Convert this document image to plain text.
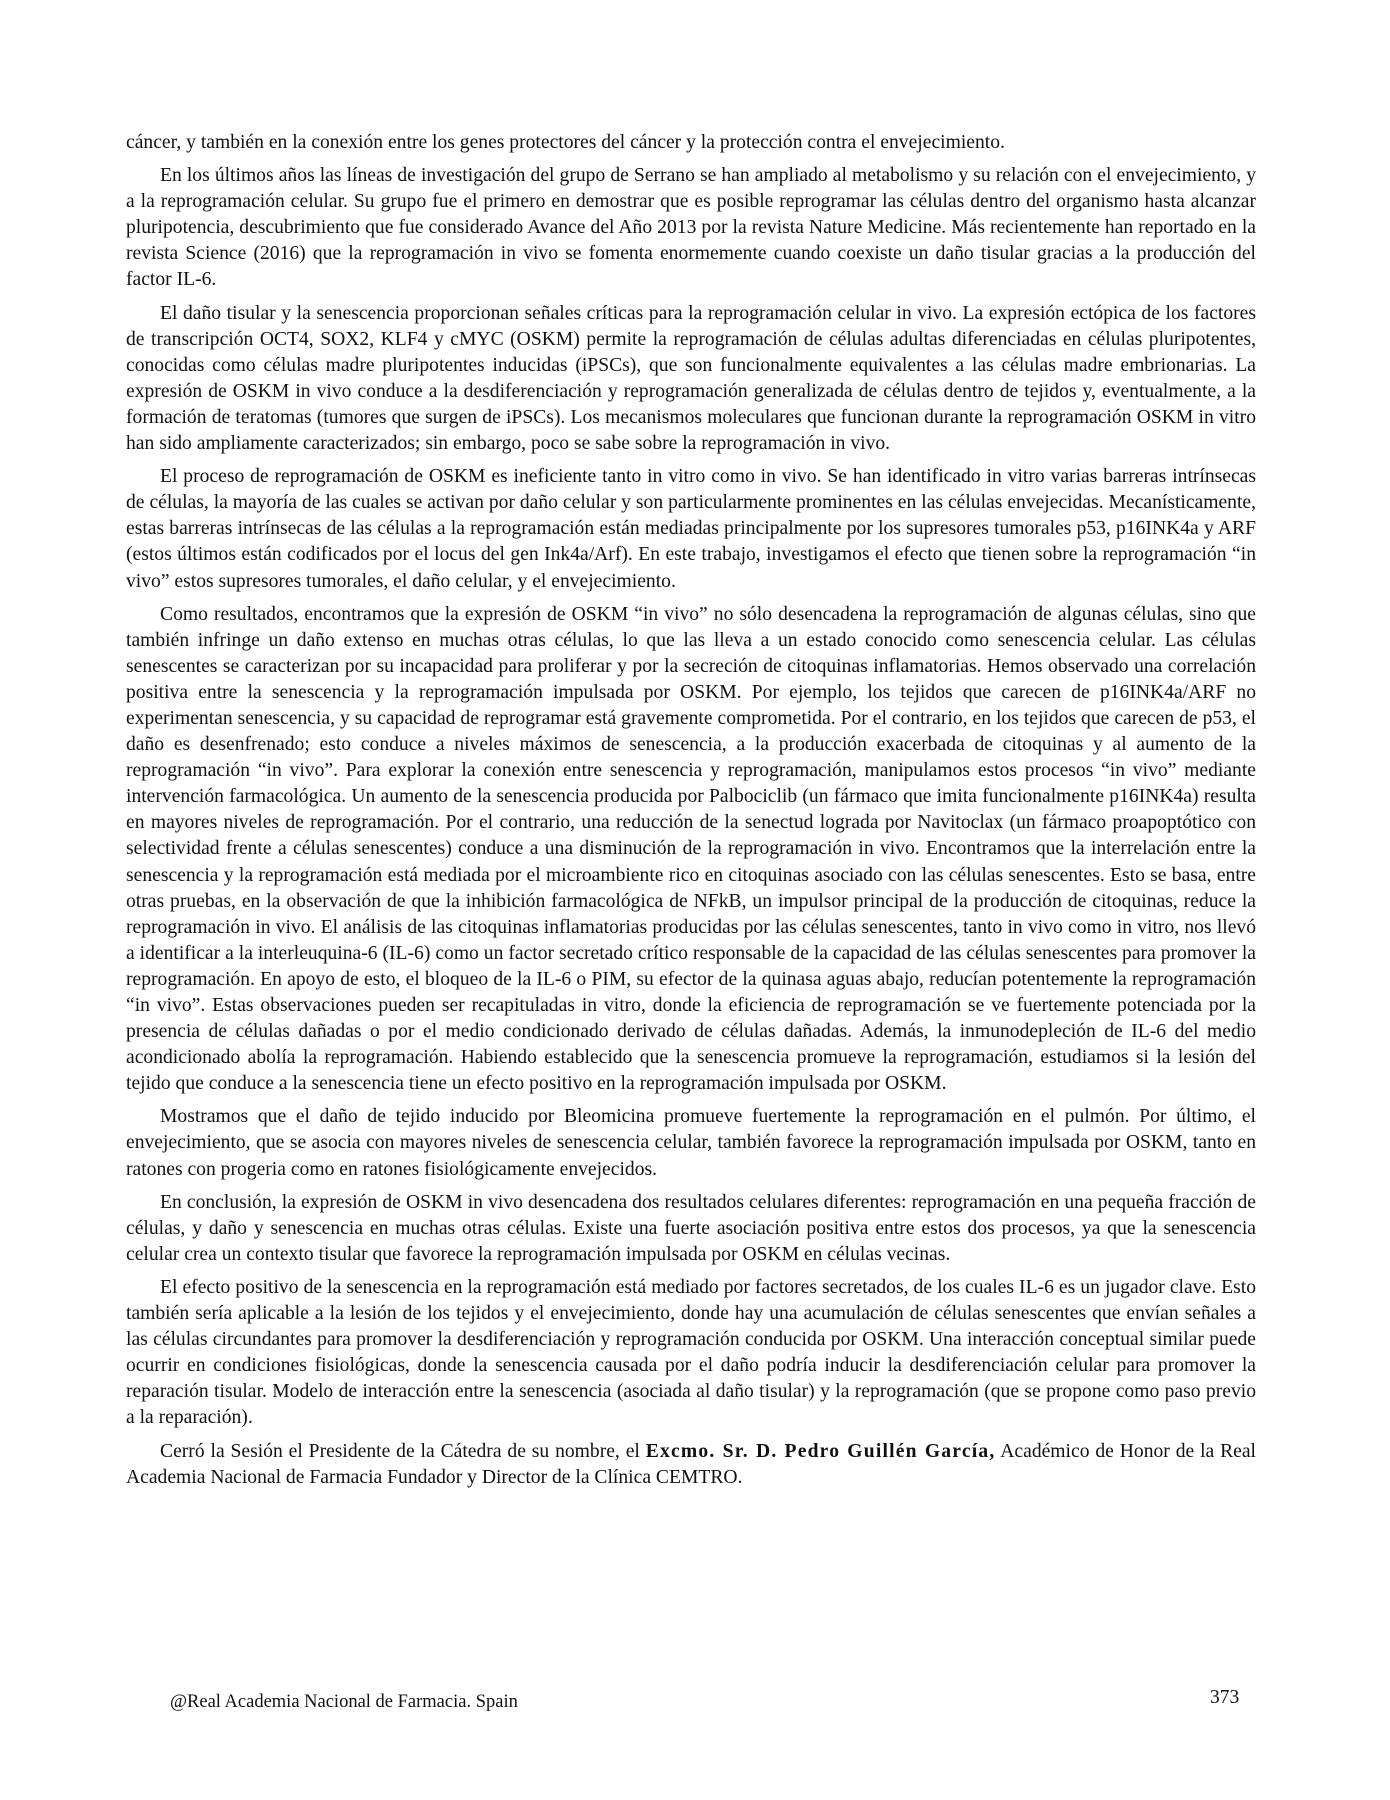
cáncer, y también en la conexión entre los genes protectores del cáncer y la protección contra el envejecimiento.

En los últimos años las líneas de investigación del grupo de Serrano se han ampliado al metabolismo y su relación con el envejecimiento, y a la reprogramación celular. Su grupo fue el primero en demostrar que es posible reprogramar las células dentro del organismo hasta alcanzar pluripotencia, descubrimiento que fue considerado Avance del Año 2013 por la revista Nature Medicine. Más recientemente han reportado en la revista Science (2016) que la reprogramación in vivo se fomenta enormemente cuando coexiste un daño tisular gracias a la producción del factor IL-6.

El daño tisular y la senescencia proporcionan señales críticas para la reprogramación celular in vivo. La expresión ectópica de los factores de transcripción OCT4, SOX2, KLF4 y cMYC (OSKM) permite la reprogramación de células adultas diferenciadas en células pluripotentes, conocidas como células madre pluripotentes inducidas (iPSCs), que son funcionalmente equivalentes a las células madre embrionarias. La expresión de OSKM in vivo conduce a la desdiferenciación y reprogramación generalizada de células dentro de tejidos y, eventualmente, a la formación de teratomas (tumores que surgen de iPSCs). Los mecanismos moleculares que funcionan durante la reprogramación OSKM in vitro han sido ampliamente caracterizados; sin embargo, poco se sabe sobre la reprogramación in vivo.

El proceso de reprogramación de OSKM es ineficiente tanto in vitro como in vivo. Se han identificado in vitro varias barreras intrínsecas de células, la mayoría de las cuales se activan por daño celular y son particularmente prominentes en las células envejecidas. Mecanísticamente, estas barreras intrínsecas de las células a la reprogramación están mediadas principalmente por los supresores tumorales p53, p16INK4a y ARF (estos últimos están codificados por el locus del gen Ink4a/Arf). En este trabajo, investigamos el efecto que tienen sobre la reprogramación “in vivo” estos supresores tumorales, el daño celular, y el envejecimiento.

Como resultados, encontramos que la expresión de OSKM “in vivo” no sólo desencadena la reprogramación de algunas células, sino que también infringe un daño extenso en muchas otras células, lo que las lleva a un estado conocido como senescencia celular. Las células senescentes se caracterizan por su incapacidad para proliferar y por la secreción de citoquinas inflamatorias. Hemos observado una correlación positiva entre la senescencia y la reprogramación impulsada por OSKM. Por ejemplo, los tejidos que carecen de p16INK4a/ARF no experimentan senescencia, y su capacidad de reprogramar está gravemente comprometida. Por el contrario, en los tejidos que carecen de p53, el daño es desenfrenado; esto conduce a niveles máximos de senescencia, a la producción exacerbada de citoquinas y al aumento de la reprogramación “in vivo”. Para explorar la conexión entre senescencia y reprogramación, manipulamos estos procesos “in vivo” mediante intervención farmacológica. Un aumento de la senescencia producida por Palbociclib (un fármaco que imita funcionalmente p16INK4a) resulta en mayores niveles de reprogramación. Por el contrario, una reducción de la senectud lograda por Navitoclax (un fármaco proapoptótico con selectividad frente a células senescentes) conduce a una disminución de la reprogramación in vivo. Encontramos que la interrelación entre la senescencia y la reprogramación está mediada por el microambiente rico en citoquinas asociado con las células senescentes. Esto se basa, entre otras pruebas, en la observación de que la inhibición farmacológica de NFkB, un impulsor principal de la producción de citoquinas, reduce la reprogramación in vivo. El análisis de las citoquinas inflamatorias producidas por las células senescentes, tanto in vivo como in vitro, nos llevó a identificar a la interleuquina-6 (IL-6) como un factor secretado crítico responsable de la capacidad de las células senescentes para promover la reprogramación. En apoyo de esto, el bloqueo de la IL-6 o PIM, su efector de la quinasa aguas abajo, reducían potentemente la reprogramación “in vivo”. Estas observaciones pueden ser recapituladas in vitro, donde la eficiencia de reprogramación se ve fuertemente potenciada por la presencia de células dañadas o por el medio condicionado derivado de células dañadas. Además, la inmunodepleción de IL-6 del medio acondicionado abolía la reprogramación. Habiendo establecido que la senescencia promueve la reprogramación, estudiamos si la lesión del tejido que conduce a la senescencia tiene un efecto positivo en la reprogramación impulsada por OSKM.

Mostramos que el daño de tejido inducido por Bleomicina promueve fuertemente la reprogramación en el pulmón. Por último, el envejecimiento, que se asocia con mayores niveles de senescencia celular, también favorece la reprogramación impulsada por OSKM, tanto en ratones con progeria como en ratones fisiológicamente envejecidos.

En conclusión, la expresión de OSKM in vivo desencadena dos resultados celulares diferentes: reprogramación en una pequeña fracción de células, y daño y senescencia en muchas otras células. Existe una fuerte asociación positiva entre estos dos procesos, ya que la senescencia celular crea un contexto tisular que favorece la reprogramación impulsada por OSKM en células vecinas.

El efecto positivo de la senescencia en la reprogramación está mediado por factores secretados, de los cuales IL-6 es un jugador clave. Esto también sería aplicable a la lesión de los tejidos y el envejecimiento, donde hay una acumulación de células senescentes que envían señales a las células circundantes para promover la desdiferenciación y reprogramación conducida por OSKM. Una interacción conceptual similar puede ocurrir en condiciones fisiológicas, donde la senescencia causada por el daño podría inducir la desdiferenciación celular para promover la reparación tisular. Modelo de interacción entre la senescencia (asociada al daño tisular) y la reprogramación (que se propone como paso previo a la reparación).

Cerró la Sesión el Presidente de la Cátedra de su nombre, el Excmo. Sr. D. Pedro Guillén García, Académico de Honor de la Real Academia Nacional de Farmacia Fundador y Director de la Clínica CEMTRO.

@Real Academia Nacional de Farmacia. Spain	373
